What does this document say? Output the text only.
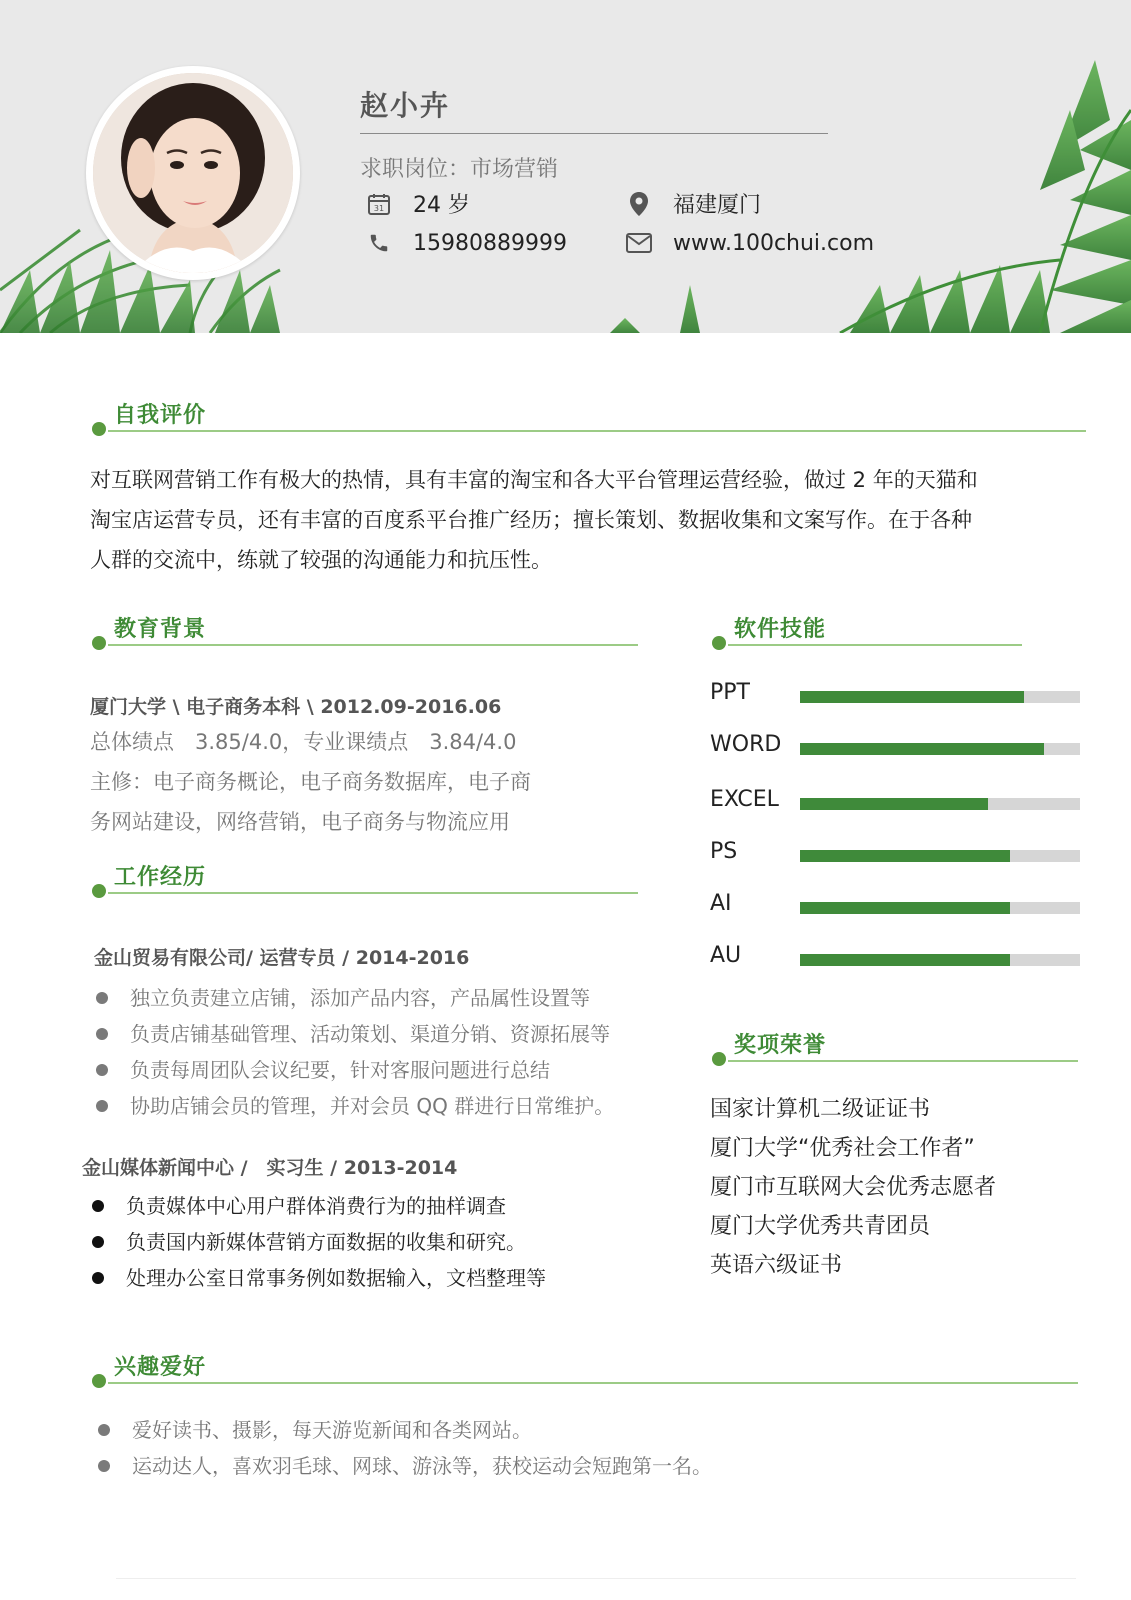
赵小卉
求职岗位：市场营销
31 24 岁	福建厦门
15980889999	www.100chui.com
自我评价
对互联网营销工作有极大的热情，具有丰富的淘宝和各大平台管理运营经验，做过 2 年的天猫和
淘宝店运营专员，还有丰富的百度系平台推广经历；擅长策划、数据收集和文案写作。在于各种
人群的交流中，练就了较强的沟通能力和抗压性。
教育背景
厦门大学 \ 电子商务本科 \ 2012.09-2016.06
总体绩点　3.85/4.0，专业课绩点　3.84/4.0
主修：电子商务概论，电子商务数据库，电子商
务网站建设，网络营销，电子商务与物流应用
工作经历
金山贸易有限公司/ 运营专员 / 2014-2016
独立负责建立店铺，添加产品内容，产品属性设置等
负责店铺基础管理、活动策划、渠道分销、资源拓展等
负责每周团队会议纪要，针对客服问题进行总结
协助店铺会员的管理，并对会员 QQ 群进行日常维护。
金山媒体新闻中心 /　实习生 / 2013-2014
负责媒体中心用户群体消费行为的抽样调查
负责国内新媒体营销方面数据的收集和研究。
处理办公室日常事务例如数据输入，文档整理等
软件技能
PPT
WORD
EXCEL
PS
AI
AU
奖项荣誉
国家计算机二级证证书
厦门大学“优秀社会工作者”
厦门市互联网大会优秀志愿者
厦门大学优秀共青团员
英语六级证书
兴趣爱好
爱好读书、摄影，每天游览新闻和各类网站。
运动达人，喜欢羽毛球、网球、游泳等，获校运动会短跑第一名。
